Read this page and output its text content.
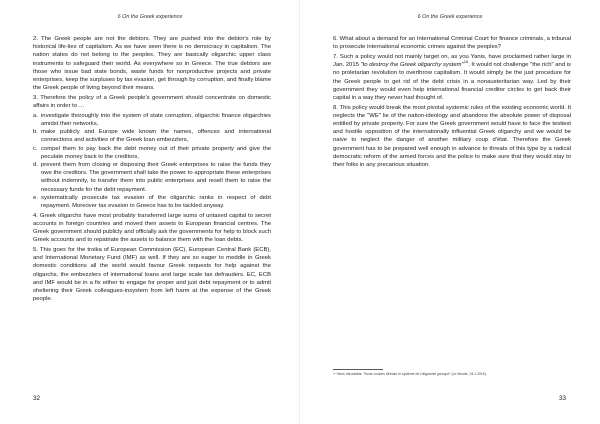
6 On the Greek experience

2. The Greek people are not the debtors. They are pushed into the debtor's role by historical life-lies of capitalism. As we have seen there is no democracy in capitalism. The nation states do not belong to the peoples. They are basically oligarchic upper class instruments to safeguard their world. As everywhere so in Greece. The true debtors are those who issue bad state bonds, waste funds for nonproductive projects and private enterprises, keep the surpluses by tax evasion, get through by corruption, and finally blame the Greek people of living beyond their means.

3. Therefore the policy of a Greek people's government should concentrate on domestic affairs in order to …

a. investigate thoroughly into the system of state corruption, oligarchic finance oligarchies amidst their networks,
b. make publicly and Europe wide known the names, offences and international connections and activities of the Greek loan embezzlers,
c. compel them to pay back the debt money out of their private property and give the peculate money back to the creditors,
d. prevent them from closing or disposing their Greek enterprises to raise the funds they owe the creditors. The government shall take the power to appropriate these enterprises without indemnity, to transfer them into public enterprises and resell them to raise the necessary funds for the debt repayment.
e. systematically prosecute tax evasion of the oligarchic ranks in respect of debt repayment. Moreover tax evasion in Greece has to be tackled anyway.

4. Greek oligarchs have most probably transferred large sums of untaxed capital to secret accounts in foreign countries and moved their assets to European financial centres. The Greek government should publicly and officially ask the governments for help to block such Greek accounts and to repatriate the assets to balance them with the loan debts.

5. This goes for the troika of European Commission (EC), European Central Bank (ECB), and International Monetary Fund (IMF) as well. If they are so eager to meddle in Greek domestic conditions all the world would favour Greek requests for help against the oligarchs, the embezzlers of international loans and large scale tax defrauders. EC, ECB and IMF would be in a fix either to engage for proper and just debt repayment or to admit sheltering their Greek colleagues-insystem from left harm at the expense of the Greek people.

32
6 On the Greek experience

6. What about a demand for an International Criminal Court for finance criminals, a tribunal to prosecute international economic crimes against the peoples?

7. Such a policy would not mainly target on, as you Yanis, have proclaimed rather large in Jan. 2015 "to destroy the Greek oligarchy system"$^{16}$. It would not challenge "the rich" and is no proletarian revolution to overthrow capitalism. It would simply be the just procedure for the Greek people to get rid of the debt crisis in a nonausteritarian way. Led by their government they would even help international financial creditor circles to get back their capital in a way they never had thought of.

8. This policy would break the most pivotal systemic rules of the existing economic world. It neglects the "WE" lie of the nation-ideology and abandons the absolute power of disposal entitled by private property. For sure the Greek government would have to face the testiest and hostile opposition of the internationally influential Greek oligarchy and we would be naive to neglect the danger of another military coup d'état. Therefore the Greek government has to be prepared well enough in advance to threats of this type by a radical democratic reform of the armed forces and the police to make sure that they would stay to their folks in any precarious situation.

¹⁶ Yanis Varoufakis: "Nous voulons détruire le système de l'oligarchie grecque" (Le Monde, 24.1.2015).
33
